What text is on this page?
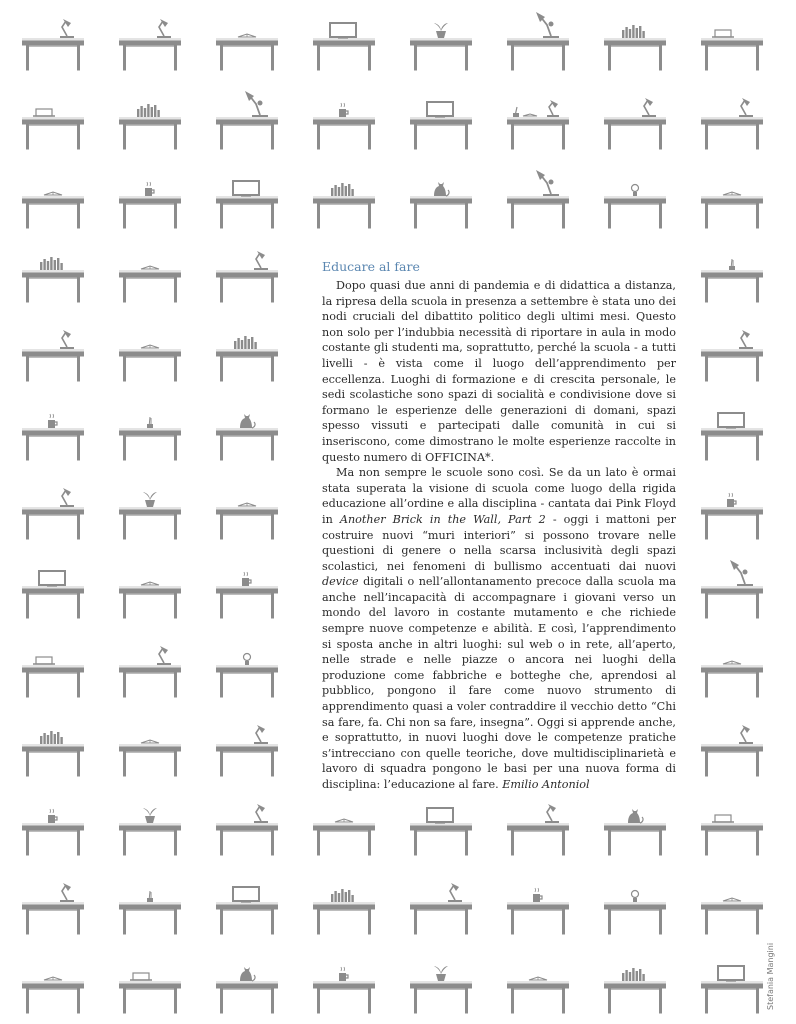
Educare al fare

Dopo quasi due anni di pandemia e di didattica a distanza, la ripresa della scuola in presenza a settembre è stata uno dei nodi cruciali del dibattito politico degli ultimi mesi. Questo non solo per l’indubbia necessità di riportare in aula in modo costante gli studenti ma, soprattutto, perché la scuola - a tutti livelli - è vista come il luogo dell’apprendimento per eccellenza. Luoghi di formazione e di crescita personale, le sedi scolastiche sono spazi di socialità e condivisione dove si formano le esperienze delle generazioni di domani, spazi spesso vissuti e partecipati dalle comunità in cui si inseriscono, come dimostrano le molte esperienze raccolte in questo numero di OFFICINA*.

Ma non sempre le scuole sono così. Se da un lato è ormai stata superata la visione di scuola come luogo della rigida educazione all’ordine e alla disciplina - cantata dai Pink Floyd in Another Brick in the Wall, Part 2 - oggi i mattoni per costruire nuovi “muri interiori” si possono trovare nelle questioni di genere o nella scarsa inclusività degli spazi scolastici, nei fenomeni di bullismo accentuati dai nuovi device digitali o nell’allontanamento precoce dalla scuola ma anche nell’incapacità di accompagnare i giovani verso un mondo del lavoro in costante mutamento e che richiede sempre nuove competenze e abilità. E così, l’apprendimento si sposta anche in altri luoghi: sul web o in rete, all’aperto, nelle strade e nelle piazze o ancora nei luoghi della produzione come fabbriche e botteghe che, aprendosi al pubblico, pongono il fare come nuovo strumento di apprendimento quasi a voler contraddire il vecchio detto “Chi sa fare, fa. Chi non sa fare, insegna”. Oggi si apprende anche, e soprattutto, in nuovi luoghi dove le competenze pratiche s’intrecciano con quelle teoriche, dove multidisciplinarietà e lavoro di squadra pongono le basi per una nuova forma di disciplina: l’educazione al fare. Emilio Antoniol

Stefania Mangini
